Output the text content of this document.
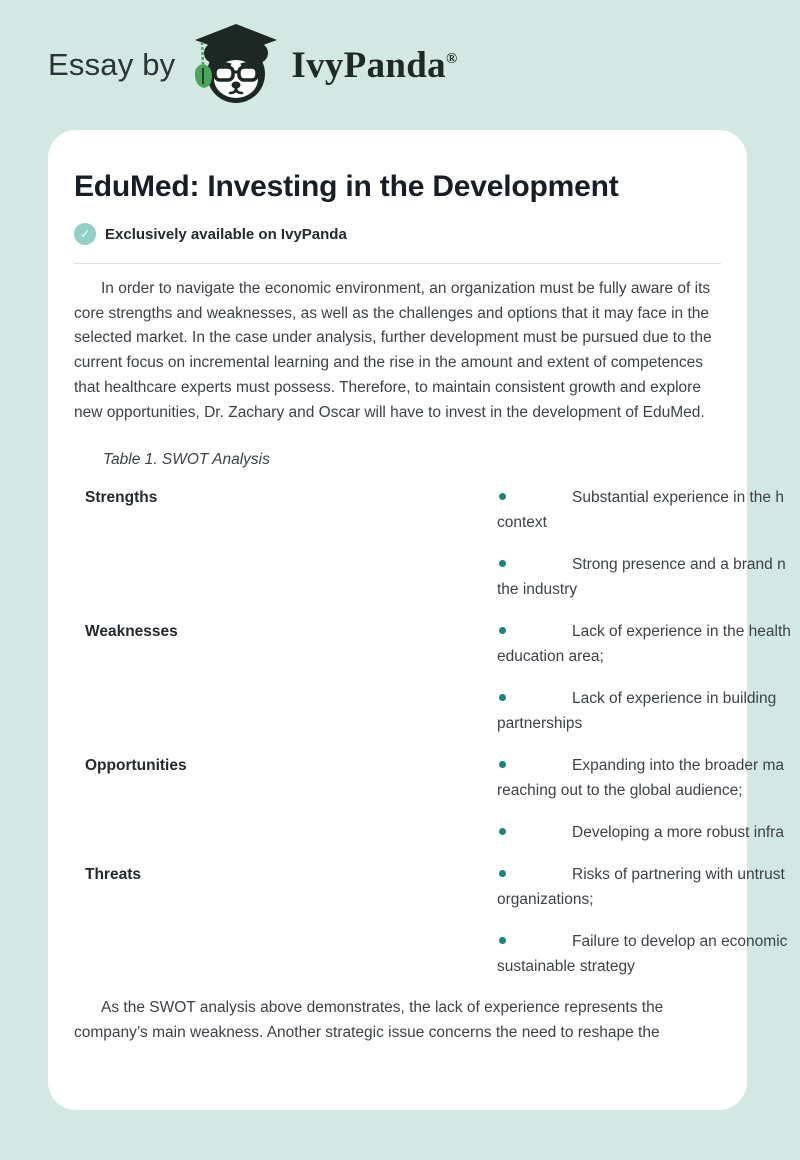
Essay by	IvyPanda®
EduMed: Investing in the Development
✓ Exclusively available on IvyPanda

In order to navigate the economic environment, an organization must be fully aware of its core strengths and weaknesses, as well as the challenges and options that it may face in the selected market. In the case under analysis, further development must be pursued due to the current focus on incremental learning and the rise in the amount and extent of competences that healthcare experts must possess. Therefore, to maintain consistent growth and explore new opportunities, Dr. Zachary and Oscar will have to invest in the development of EduMed.

Table 1. SWOT Analysis
Strengths	Substantial experience in the h
context
Strong presence and a brand n
the industry
Weaknesses	Lack of experience in the health
education area;
Lack of experience in building
partnerships
Opportunities	Expanding into the broader ma
reaching out to the global audience;
Developing a more robust infra
Threats	Risks of partnering with untrust
organizations;
Failure to develop an economic
sustainable strategy

As the SWOT analysis above demonstrates, the lack of experience represents the company’s main weakness. Another strategic issue concerns the need to reshape the
